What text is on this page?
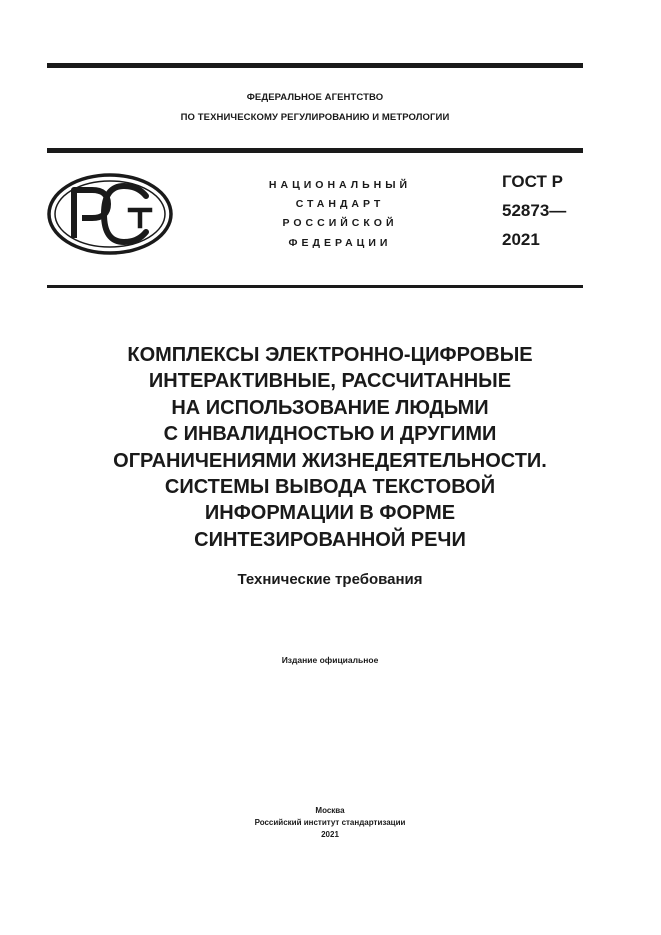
ФЕДЕРАЛЬНОЕ АГЕНТСТВО
ПО ТЕХНИЧЕСКОМУ РЕГУЛИРОВАНИЮ И МЕТРОЛОГИИ
НАЦИОНАЛЬНЫЙ
СТАНДАРТ
РОССИЙСКОЙ
ФЕДЕРАЦИИ
ГОСТ Р
52873—
2021
КОМПЛЕКСЫ ЭЛЕКТРОННО-ЦИФРОВЫЕ
ИНТЕРАКТИВНЫЕ, РАССЧИТАННЫЕ
НА ИСПОЛЬЗОВАНИЕ ЛЮДЬМИ
С ИНВАЛИДНОСТЬЮ И ДРУГИМИ
ОГРАНИЧЕНИЯМИ ЖИЗНЕДЕЯТЕЛЬНОСТИ.
СИСТЕМЫ ВЫВОДА ТЕКСТОВОЙ
ИНФОРМАЦИИ В ФОРМЕ
СИНТЕЗИРОВАННОЙ РЕЧИ
Технические требования
Издание официальное
Москва
Российский институт стандартизации
2021
